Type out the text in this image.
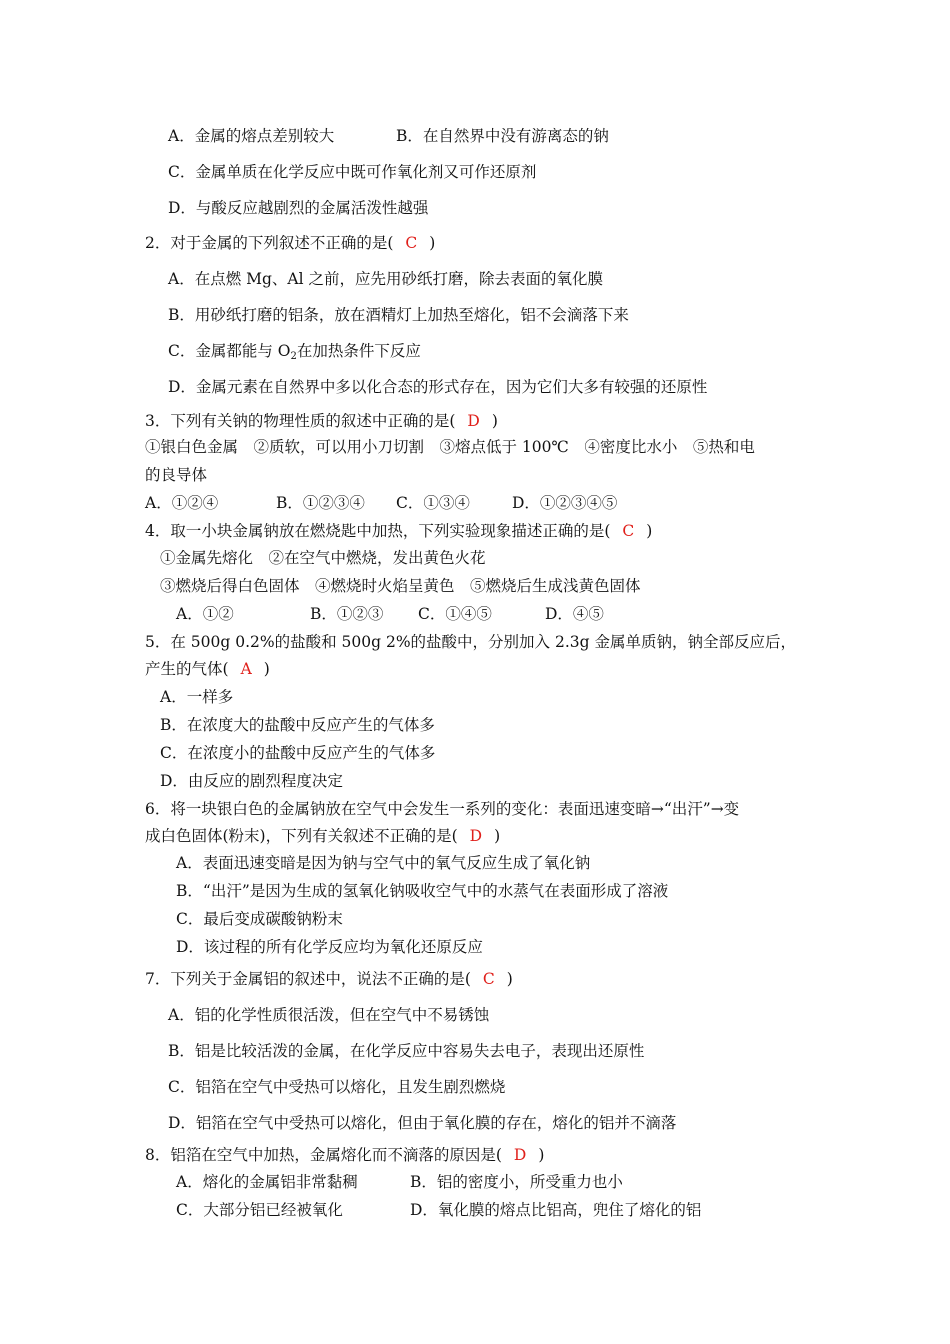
A．金属的熔点差别较大	B．在自然界中没有游离态的钠
C．金属单质在化学反应中既可作氧化剂又可作还原剂
D．与酸反应越剧烈的金属活泼性越强
2．对于金属的下列叙述不正确的是( C )
A．在点燃 Mg、Al 之前，应先用砂纸打磨，除去表面的氧化膜
B．用砂纸打磨的铝条，放在酒精灯上加热至熔化，铝不会滴落下来
C．金属都能与 $O_2$在加热条件下反应
D．金属元素在自然界中多以化合态的形式存在，因为它们大多有较强的还原性
3．下列有关钠的物理性质的叙述中正确的是( D )
①银白色金属　②质软，可以用小刀切割　③熔点低于 100℃　④密度比水小　⑤热和电
的良导体
A．①②④	B．①②③④ C．①③④	D．①②③④⑤
4．取一小块金属钠放在燃烧匙中加热，下列实验现象描述正确的是( C )
①金属先熔化　②在空气中燃烧，发出黄色火花
③燃烧后得白色固体　④燃烧时火焰呈黄色　⑤燃烧后生成浅黄色固体
A．①②	B．①②③ C．①④⑤	D．④⑤
5．在 500g 0.2%的盐酸和 500g 2%的盐酸中，分别加入 2.3g 金属单质钠，钠全部反应后，
产生的气体( A )
A．一样多
B．在浓度大的盐酸中反应产生的气体多
C．在浓度小的盐酸中反应产生的气体多
D．由反应的剧烈程度决定
6．将一块银白色的金属钠放在空气中会发生一系列的变化：表面迅速变暗→“出汗”→变
成白色固体(粉末)，下列有关叙述不正确的是( D )
A．表面迅速变暗是因为钠与空气中的氧气反应生成了氧化钠
B．“出汗”是因为生成的氢氧化钠吸收空气中的水蒸气在表面形成了溶液
C．最后变成碳酸钠粉末
D．该过程的所有化学反应均为氧化还原反应
7．下列关于金属铝的叙述中，说法不正确的是( C )
A．铝的化学性质很活泼，但在空气中不易锈蚀
B．铝是比较活泼的金属，在化学反应中容易失去电子，表现出还原性
C．铝箔在空气中受热可以熔化，且发生剧烈燃烧
D．铝箔在空气中受热可以熔化，但由于氧化膜的存在，熔化的铝并不滴落
8．铝箔在空气中加热，金属熔化而不滴落的原因是( D )
A．熔化的金属铝非常黏稠	B．铝的密度小，所受重力也小
C．大部分铝已经被氧化	D．氧化膜的熔点比铝高，兜住了熔化的铝
